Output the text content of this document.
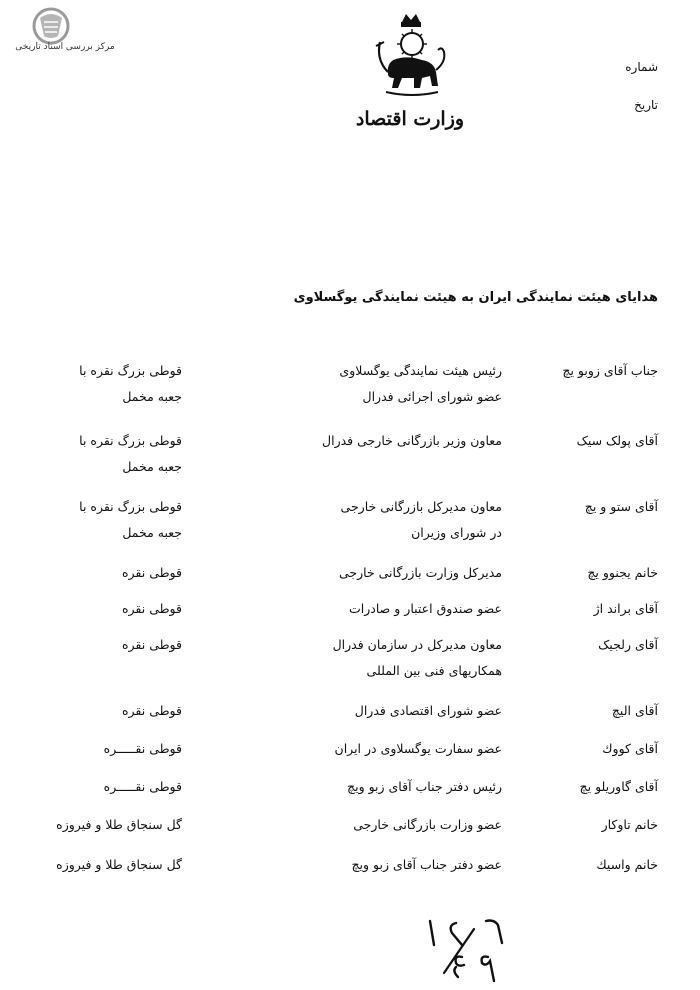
مرکز بررسی اسناد تاریخی
وزارت اقتصاد
شماره
تاریخ
هدایای هیئت نمایندگی ایران به هیئت نمایندگی یوگسلاوی
جناب آقای زوبو یچ
رئیس هیئت نمایندگی یوگسلاوی
عضو شورای اجرائی فدرال
قوطی بزرگ نقره با
جعبه مخمل
آقای پولک سیک
معاون وزیر بازرگانی خارجی فدرال
قوطی بزرگ نقره با
جعبه مخمل
آقای ستو و یچ
معاون مدیرکل بازرگانی خارجی
در شورای وزیران
قوطی بزرگ نقره با
جعبه مخمل
خانم یجنوو یچ
مدیرکل وزارت بازرگانی خارجی
قوطی نقره
آقای براند اژ
عضو صندوق اعتبار و صادرات
قوطی نقره
آقای رلجیک
معاون مدیرکل در سازمان فدرال
همکاریهای فنی بین المللی
قوطی نقره
آقای الیچ
عضو شورای اقتصادی فدرال
قوطی نقره
آقای کووك
عضو سفارت یوگسلاوی در ایران
قوطی نقـــــره
آقای گاوریلو یچ
رئیس دفتر جناب آقای زبو ویچ
قوطی نقـــــره
خانم تاوکار
عضو وزارت بازرگانی خارجی
گل سنجاق طلا و فیروزه
خانم واسیك
عضو دفتر جناب آقای زبو ویچ
گل سنجاق طلا و فیروزه
